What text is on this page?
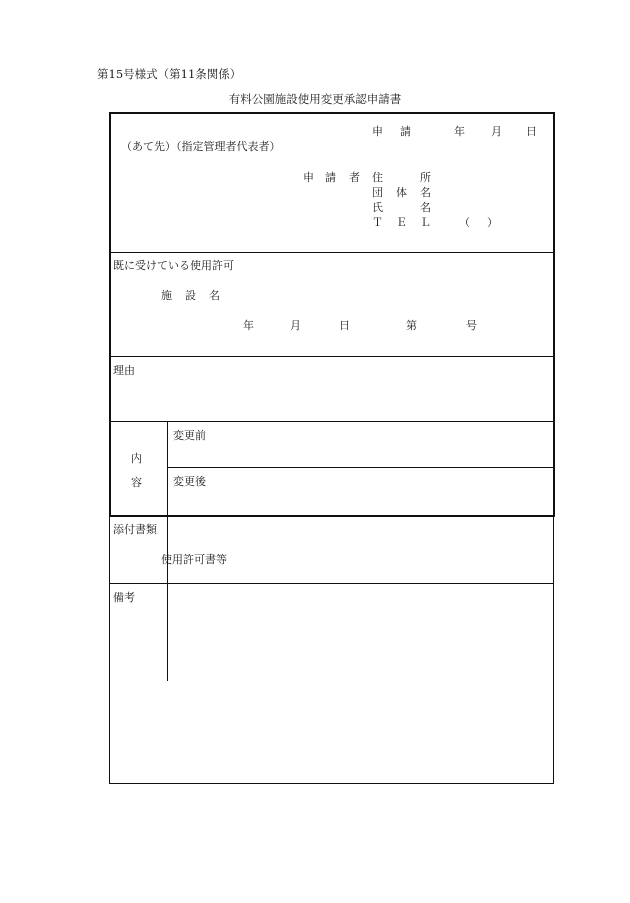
第15号様式（第11条関係）
有料公園施設使用変更承認申請書
申 請	年 月 日
（あて先）（指定管理者代表者）
申 請 者 住	所
団 体 名
氏	名
Ｔ Ｅ Ｌ	（ ）
既に受けている使用許可
施 設 名
年	月	日	第	号
理由
内
容
変更前
変更後
添付書類
使用許可書等
備考
